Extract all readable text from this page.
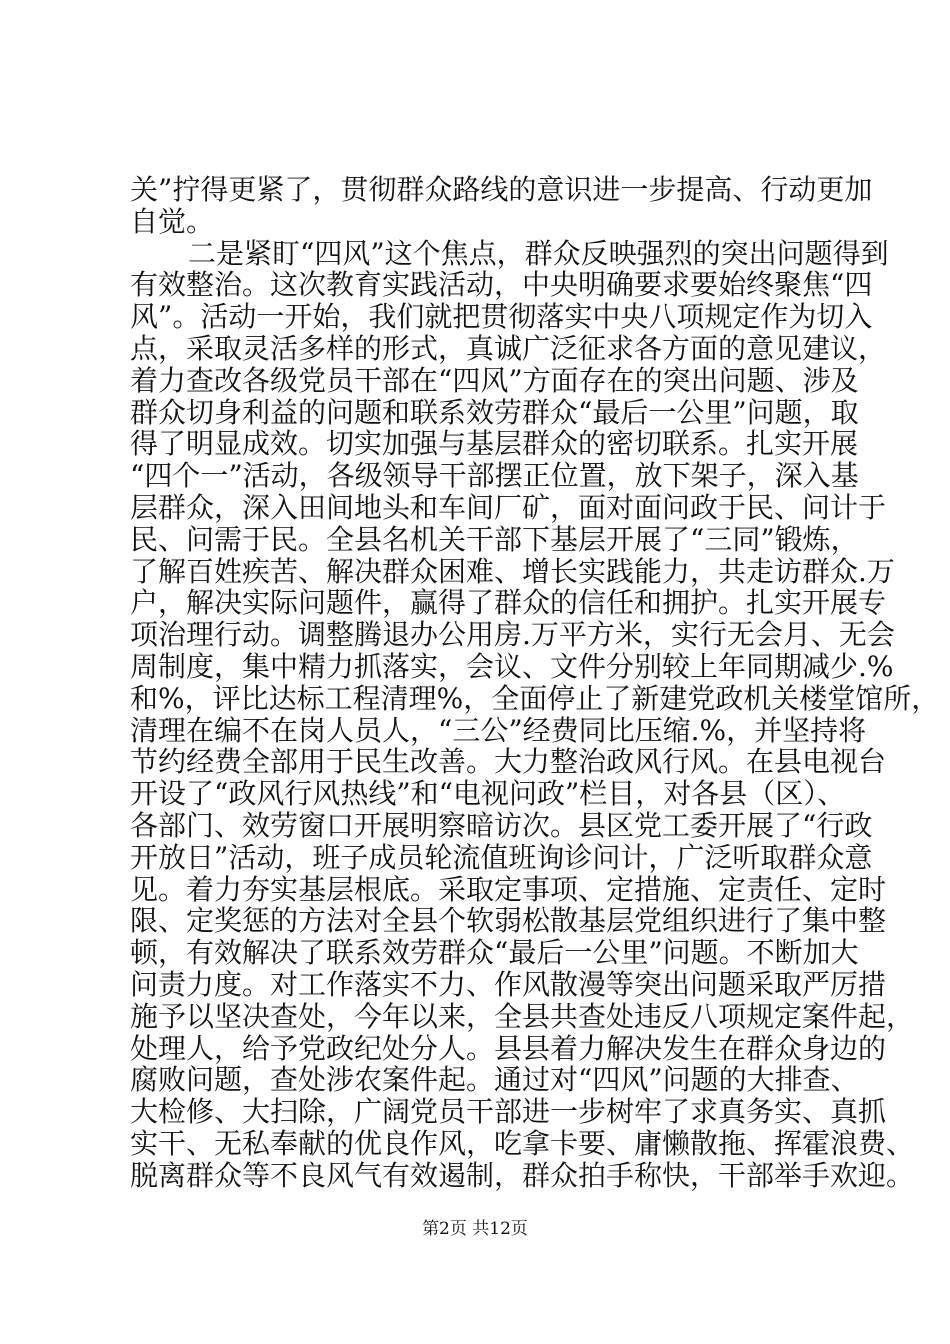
关”拧得更紧了，贯彻群众路线的意识进一步提高、行动更加
自觉。
二是紧盯“四风”这个焦点，群众反映强烈的突出问题得到
有效整治。这次教育实践活动，中央明确要求要始终聚焦“四
风”。活动一开始，我们就把贯彻落实中央八项规定作为切入
点，采取灵活多样的形式，真诚广泛征求各方面的意见建议，
着力查改各级党员干部在“四风”方面存在的突出问题、涉及
群众切身利益的问题和联系效劳群众“最后一公里”问题，取
得了明显成效。切实加强与基层群众的密切联系。扎实开展
“四个一”活动，各级领导干部摆正位置，放下架子，深入基
层群众，深入田间地头和车间厂矿，面对面问政于民、问计于
民、问需于民。全县名机关干部下基层开展了“三同”锻炼，
了解百姓疾苦、解决群众困难、增长实践能力，共走访群众.万
户，解决实际问题件，赢得了群众的信任和拥护。扎实开展专
项治理行动。调整腾退办公用房.万平方米，实行无会月、无会
周制度，集中精力抓落实，会议、文件分别较上年同期减少.%
和%，评比达标工程清理%，全面停止了新建党政机关楼堂馆所，
清理在编不在岗人员人，“三公”经费同比压缩.%，并坚持将
节约经费全部用于民生改善。大力整治政风行风。在县电视台
开设了“政风行风热线”和“电视问政”栏目，对各县（区）、
各部门、效劳窗口开展明察暗访次。县区党工委开展了“行政
开放日”活动，班子成员轮流值班询诊问计，广泛听取群众意
见。着力夯实基层根底。采取定事项、定措施、定责任、定时
限、定奖惩的方法对全县个软弱松散基层党组织进行了集中整
顿，有效解决了联系效劳群众“最后一公里”问题。不断加大
问责力度。对工作落实不力、作风散漫等突出问题采取严厉措
施予以坚决查处，今年以来，全县共查处违反八项规定案件起，
处理人，给予党政纪处分人。县县着力解决发生在群众身边的
腐败问题，查处涉农案件起。通过对“四风”问题的大排查、
大检修、大扫除，广阔党员干部进一步树牢了求真务实、真抓
实干、无私奉献的优良作风，吃拿卡要、庸懒散拖、挥霍浪费、
脱离群众等不良风气有效遏制，群众拍手称快，干部举手欢迎。
第2页 共12页
